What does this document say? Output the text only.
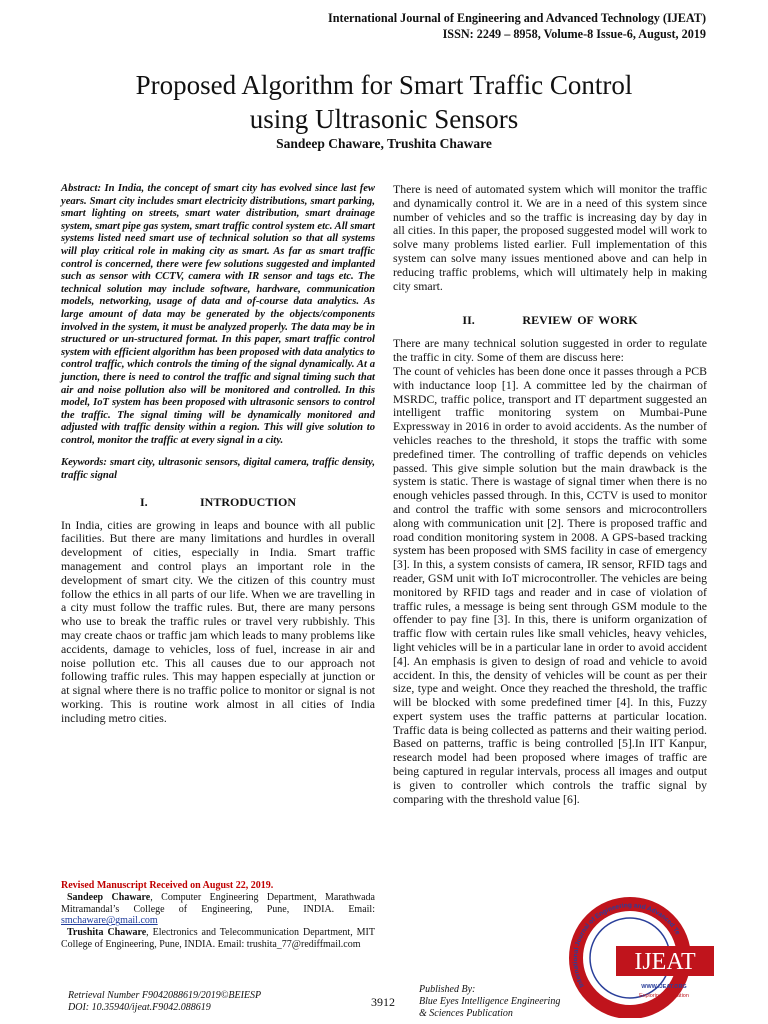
International Journal of Engineering and Advanced Technology (IJEAT)
ISSN: 2249 – 8958, Volume-8 Issue-6, August, 2019
Proposed Algorithm for Smart Traffic Control
using Ultrasonic Sensors
Sandeep Chaware, Trushita Chaware

Abstract: In India, the concept of smart city has evolved since last few years. Smart city includes smart electricity distributions, smart parking, smart lighting on streets, smart water distribution, smart drainage system, smart pipe gas system, smart traffic control system etc. All smart systems listed need smart use of technical solution so that all systems will play critical role in making city as smart. As far as smart traffic control is concerned, there were few solutions suggested and implanted such as sensor with CCTV, camera with IR sensor and tags etc. The technical solution may include software, hardware, communication models, networking, usage of data and of-course data analytics. As large amount of data may be generated by the objects/components involved in the system, it must be analyzed properly. The data may be in structured or un-structured format. In this paper, smart traffic control system with efficient algorithm has been proposed with data analytics to control traffic, which controls the timing of the signal dynamically. At a junction, there is need to control the traffic and signal timing such that air and noise pollution also will be monitored and controlled. In this model, IoT system has been proposed with ultrasonic sensors to control the traffic. The signal timing will be dynamically monitored and adjusted with traffic density within a region. This will give solution to control, monitor the traffic at every signal in a city.

Keywords: smart city, ultrasonic sensors, digital camera, traffic density, traffic signal

I.	INTRODUCTION

In India, cities are growing in leaps and bounce with all public facilities. But there are many limitations and hurdles in overall development of cities, especially in India. Smart traffic management and control plays an important role in the development of smart city. We the citizen of this country must follow the ethics in all parts of our life. When we are travelling in a city must follow the traffic rules. But, there are many persons who use to break the traffic rules or travel very rubbishly. This may create chaos or traffic jam which leads to many problems like accidents, damage to vehicles, loss of fuel, increase in air and noise pollution etc. This all causes due to our approach not following traffic rules. This may happen especially at junction or at signal where there is no traffic police to monitor or signal is not working. This is routine work almost in all cities of India including metro cities.

There is need of automated system which will monitor the traffic and dynamically control it. We are in a need of this system since number of vehicles and so the traffic is increasing day by day in all cities. In this paper, the proposed suggested model will work to solve many problems listed earlier. Full implementation of this system can solve many issues mentioned above and can help in reducing traffic problems, which will ultimately help in making city smart.

II.	REVIEW OF WORK

There are many technical solution suggested in order to regulate the traffic in city. Some of them are discuss here:

The count of vehicles has been done once it passes through a PCB with inductance loop [1]. A committee led by the chairman of MSRDC, traffic police, transport and IT department suggested an intelligent traffic monitoring system on Mumbai-Pune Expressway in 2016 in order to avoid accidents. As the number of vehicles reaches to the threshold, it stops the traffic with some predefined timer. The controlling of traffic depends on vehicles passed. This give simple solution but the main drawback is the system is static. There is wastage of signal timer when there is no enough vehicles passed through. In this, CCTV is used to monitor and control the traffic with some sensors and microcontrollers along with communication unit [2]. There is proposed traffic and road condition monitoring system in 2008. A GPS-based tracking system has been proposed with SMS facility in case of emergency [3]. In this, a system consists of camera, IR sensor, RFID tags and reader, GSM unit with IoT microcontroller. The vehicles are being monitored by RFID tags and reader and in case of violation of traffic rules, a message is being sent through GSM module to the offender to pay fine [3]. In this, there is uniform organization of traffic flow with certain rules like small vehicles, heavy vehicles, light vehicles will be in a particular lane in order to avoid accident [4]. An emphasis is given to design of road and vehicle to avoid accident. In this, the density of vehicles will be count as per their size, type and weight. Once they reached the threshold, the traffic will be blocked with some predefined timer [4]. In this, Fuzzy expert system uses the traffic patterns at particular location. Traffic data is being collected as patterns and their waiting period. Based on patterns, traffic is being controlled [5].In IIT Kanpur, research model had been proposed where images of traffic are being captured in regular intervals, process all images and output is given to controller which controls the traffic signal by comparing with the threshold value [6].

Revised Manuscript Received on August 22, 2019.

Sandeep Chaware, Computer Engineering Department, Marathwada Mitramandal’s College of Engineering, Pune, INDIA. Email: smchaware@gmail.com

Trushita Chaware, Electronics and Telecommunication Department, MIT College of Engineering, Pune, INDIA. Email: trushita_77@rediffmail.com

Retrieval Number F9042088619/2019©BEIESP
DOI: 10.35940/ijeat.F9042.088619	3912
Published By:
Blue Eyes Intelligence Engineering
& Sciences Publication
International Journal of Engineering and Advanced Te
IJEAT
WWW.IJEAT.ORG
Exploring Innovation
